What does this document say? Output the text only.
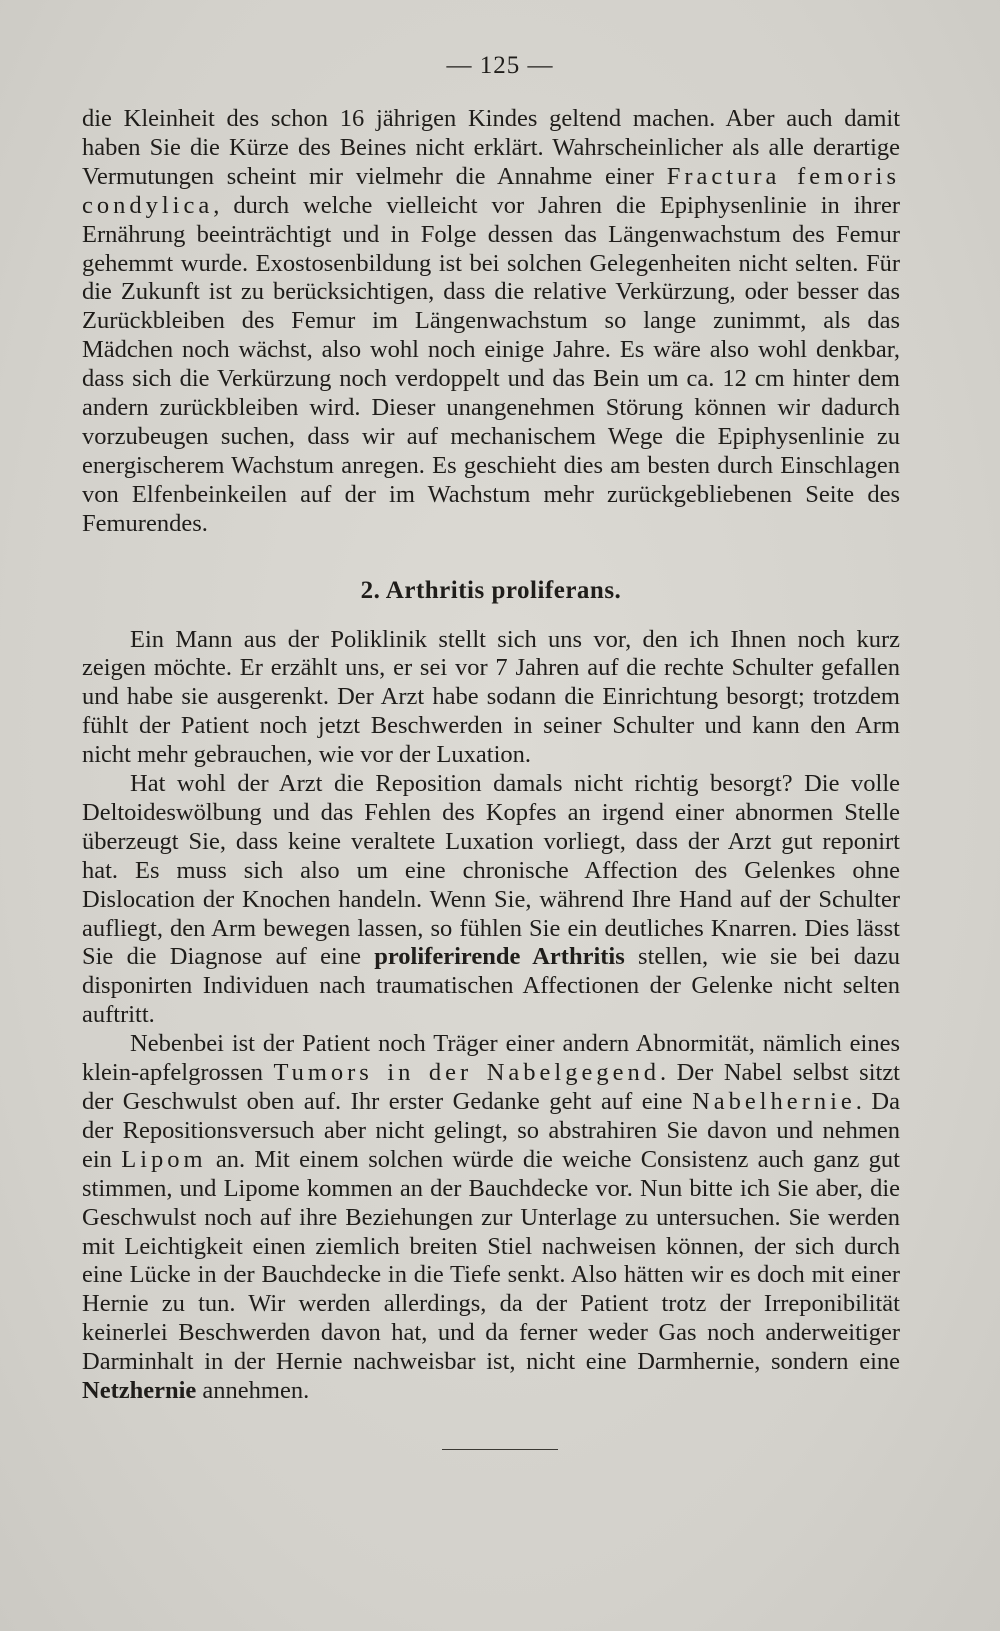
— 125 —

die Kleinheit des schon 16 jährigen Kindes geltend machen. Aber auch damit haben Sie die Kürze des Beines nicht erklärt. Wahrscheinlicher als alle derartige Vermutungen scheint mir vielmehr die Annahme einer Fractura femoris condylica, durch welche vielleicht vor Jahren die Epiphysenlinie in ihrer Ernährung beeinträchtigt und in Folge dessen das Längenwachstum des Femur gehemmt wurde. Exostosenbildung ist bei solchen Gelegenheiten nicht selten. Für die Zukunft ist zu berücksichtigen, dass die relative Verkürzung, oder besser das Zurückbleiben des Femur im Längenwachstum so lange zunimmt, als das Mädchen noch wächst, also wohl noch einige Jahre. Es wäre also wohl denkbar, dass sich die Verkürzung noch verdoppelt und das Bein um ca. 12 cm hinter dem andern zurückbleiben wird. Dieser unangenehmen Störung können wir dadurch vorzubeugen suchen, dass wir auf mechanischem Wege die Epiphysenlinie zu energischerem Wachstum anregen. Es geschieht dies am besten durch Einschlagen von Elfenbeinkeilen auf der im Wachstum mehr zurückgebliebenen Seite des Femurendes.

2. Arthritis proliferans.

Ein Mann aus der Poliklinik stellt sich uns vor, den ich Ihnen noch kurz zeigen möchte. Er erzählt uns, er sei vor 7 Jahren auf die rechte Schulter gefallen und habe sie ausgerenkt. Der Arzt habe sodann die Einrichtung besorgt; trotzdem fühlt der Patient noch jetzt Beschwerden in seiner Schulter und kann den Arm nicht mehr gebrauchen, wie vor der Luxation.

Hat wohl der Arzt die Reposition damals nicht richtig besorgt? Die volle Deltoideswölbung und das Fehlen des Kopfes an irgend einer abnormen Stelle überzeugt Sie, dass keine veraltete Luxation vorliegt, dass der Arzt gut reponirt hat. Es muss sich also um eine chronische Affection des Gelenkes ohne Dislocation der Knochen handeln. Wenn Sie, während Ihre Hand auf der Schulter aufliegt, den Arm bewegen lassen, so fühlen Sie ein deutliches Knarren. Dies lässt Sie die Diagnose auf eine proliferirende Arthritis stellen, wie sie bei dazu disponirten Individuen nach traumatischen Affectionen der Gelenke nicht selten auftritt.

Nebenbei ist der Patient noch Träger einer andern Abnormität, nämlich eines klein-apfelgrossen Tumors in der Nabelgegend. Der Nabel selbst sitzt der Geschwulst oben auf. Ihr erster Gedanke geht auf eine Nabelhernie. Da der Repositionsversuch aber nicht gelingt, so abstrahiren Sie davon und nehmen ein Lipom an. Mit einem solchen würde die weiche Consistenz auch ganz gut stimmen, und Lipome kommen an der Bauchdecke vor. Nun bitte ich Sie aber, die Geschwulst noch auf ihre Beziehungen zur Unterlage zu untersuchen. Sie werden mit Leichtigkeit einen ziemlich breiten Stiel nachweisen können, der sich durch eine Lücke in der Bauchdecke in die Tiefe senkt. Also hätten wir es doch mit einer Hernie zu tun. Wir werden allerdings, da der Patient trotz der Irreponibilität keinerlei Beschwerden davon hat, und da ferner weder Gas noch anderweitiger Darminhalt in der Hernie nachweisbar ist, nicht eine Darmhernie, sondern eine Netzhernie annehmen.
